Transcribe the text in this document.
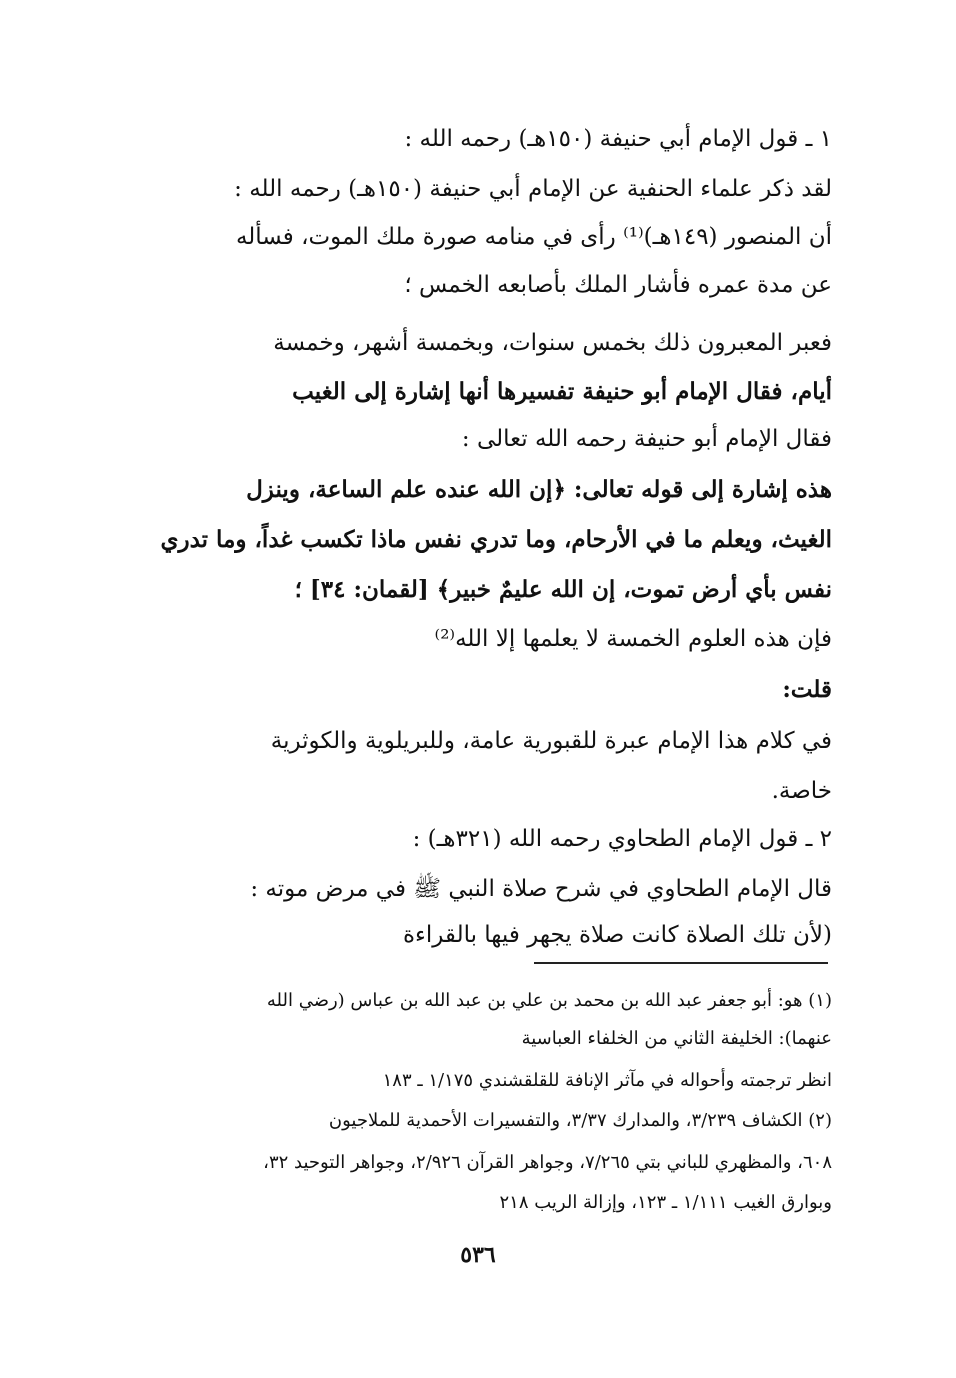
١ ـ قول الإمام أبي حنيفة (١٥٠هـ) رحمه الله :
لقد ذكر علماء الحنفية عن الإمام أبي حنيفة (١٥٠هـ) رحمه الله :
أن المنصور (١٤٩هـ)⁽¹⁾ رأى في منامه صورة ملك الموت، فسأله
عن مدة عمره فأشار الملك بأصابعه الخمس ؛
فعبر المعبرون ذلك بخمس سنوات، وبخمسة أشهر، وخمسة
أيام، فقال الإمام أبو حنيفة تفسيرها أنها إشارة إلى الغيب
فقال الإمام أبو حنيفة رحمه الله تعالى :
هذه إشارة إلى قوله تعالى: ﴿إن الله عنده علم الساعة، وينزل
الغيث، ويعلم ما في الأرحام، وما تدري نفس ماذا تكسب غداً، وما تدري
نفس بأي أرض تموت، إن الله عليمٌ خبير﴾ [لقمان: ٣٤] ؛
فإن هذه العلوم الخمسة لا يعلمها إلا الله⁽²⁾
قلت:
في كلام هذا الإمام عبرة للقبورية عامة، وللبريلوية والكوثرية
خاصة.
٢ ـ قول الإمام الطحاوي رحمه الله (٣٢١هـ) :
قال الإمام الطحاوي في شرح صلاة النبي ﷺ في مرض موته :
(لأن تلك الصلاة كانت صلاة يجهر فيها بالقراءة
(١) هو: أبو جعفر عبد الله بن محمد بن علي بن عبد الله بن عباس (رضي الله
عنهما): الخليفة الثاني من الخلفاء العباسية
انظر ترجمته وأحواله في مآثر الإنافة للقلقشندي ١/١٧٥ ـ ١٨٣
(٢) الكشاف ٣/٢٣٩، والمدارك ٣/٣٧، والتفسيرات الأحمدية للملاجيون
٦٠٨، والمظهري للباني بتي ٧/٢٦٥، وجواهر القرآن ٢/٩٢٦، وجواهر التوحيد ٣٢،
وبوارق الغيب ١/١١١ ـ ١٢٣، وإزالة الريب ٢١٨
٥٣٦
